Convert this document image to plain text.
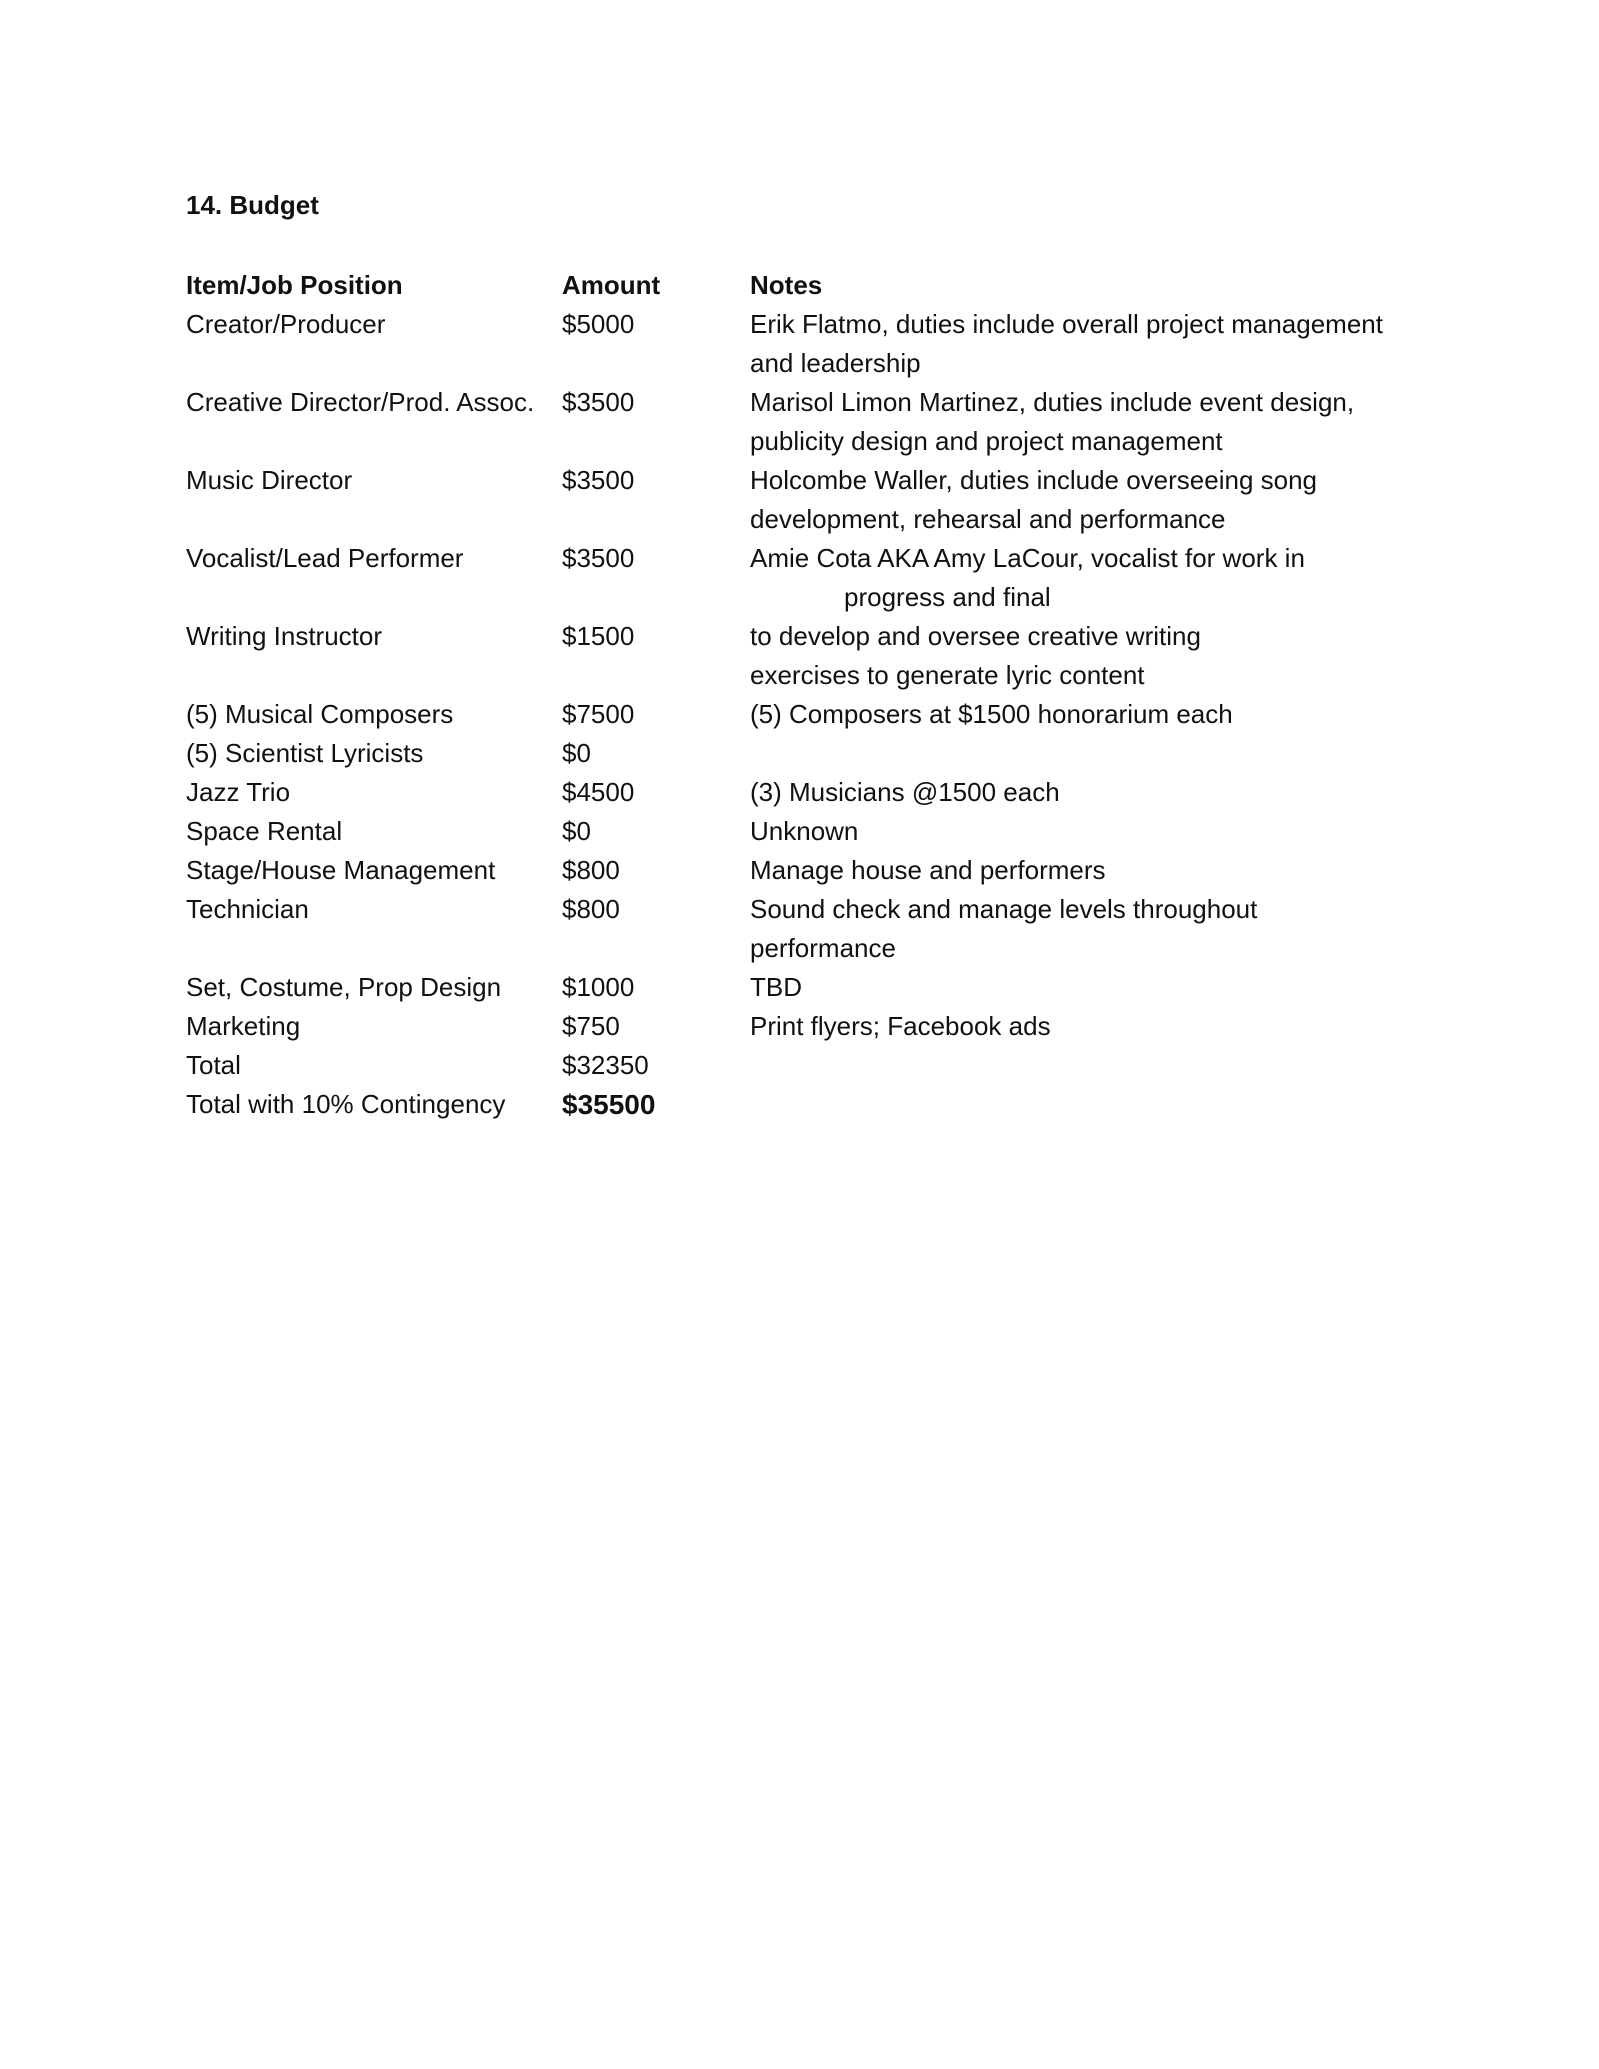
14. Budget
Item/Job Position	Amount	Notes
Creator/Producer	$5000	Erik Flatmo, duties include overall project management
and leadership
Creative Director/Prod. Assoc.	$3500	Marisol Limon Martinez, duties include event design,
publicity design and project management
Music Director	$3500	Holcombe Waller, duties include overseeing song
development, rehearsal and performance
Vocalist/Lead Performer	$3500	Amie Cota AKA Amy LaCour, vocalist for work in
progress and final
Writing Instructor	$1500	to develop and oversee creative writing
exercises to generate lyric content
(5) Musical Composers	$7500	(5) Composers at $1500 honorarium each
(5) Scientist Lyricists	$0
Jazz Trio	$4500	(3) Musicians @1500 each
Space Rental	$0	Unknown
Stage/House Management	$800	Manage house and performers
Technician	$800	Sound check and manage levels throughout
performance
Set, Costume, Prop Design	$1000	TBD
Marketing	$750	Print flyers; Facebook ads
Total	$32350
Total with 10% Contingency	$35500
